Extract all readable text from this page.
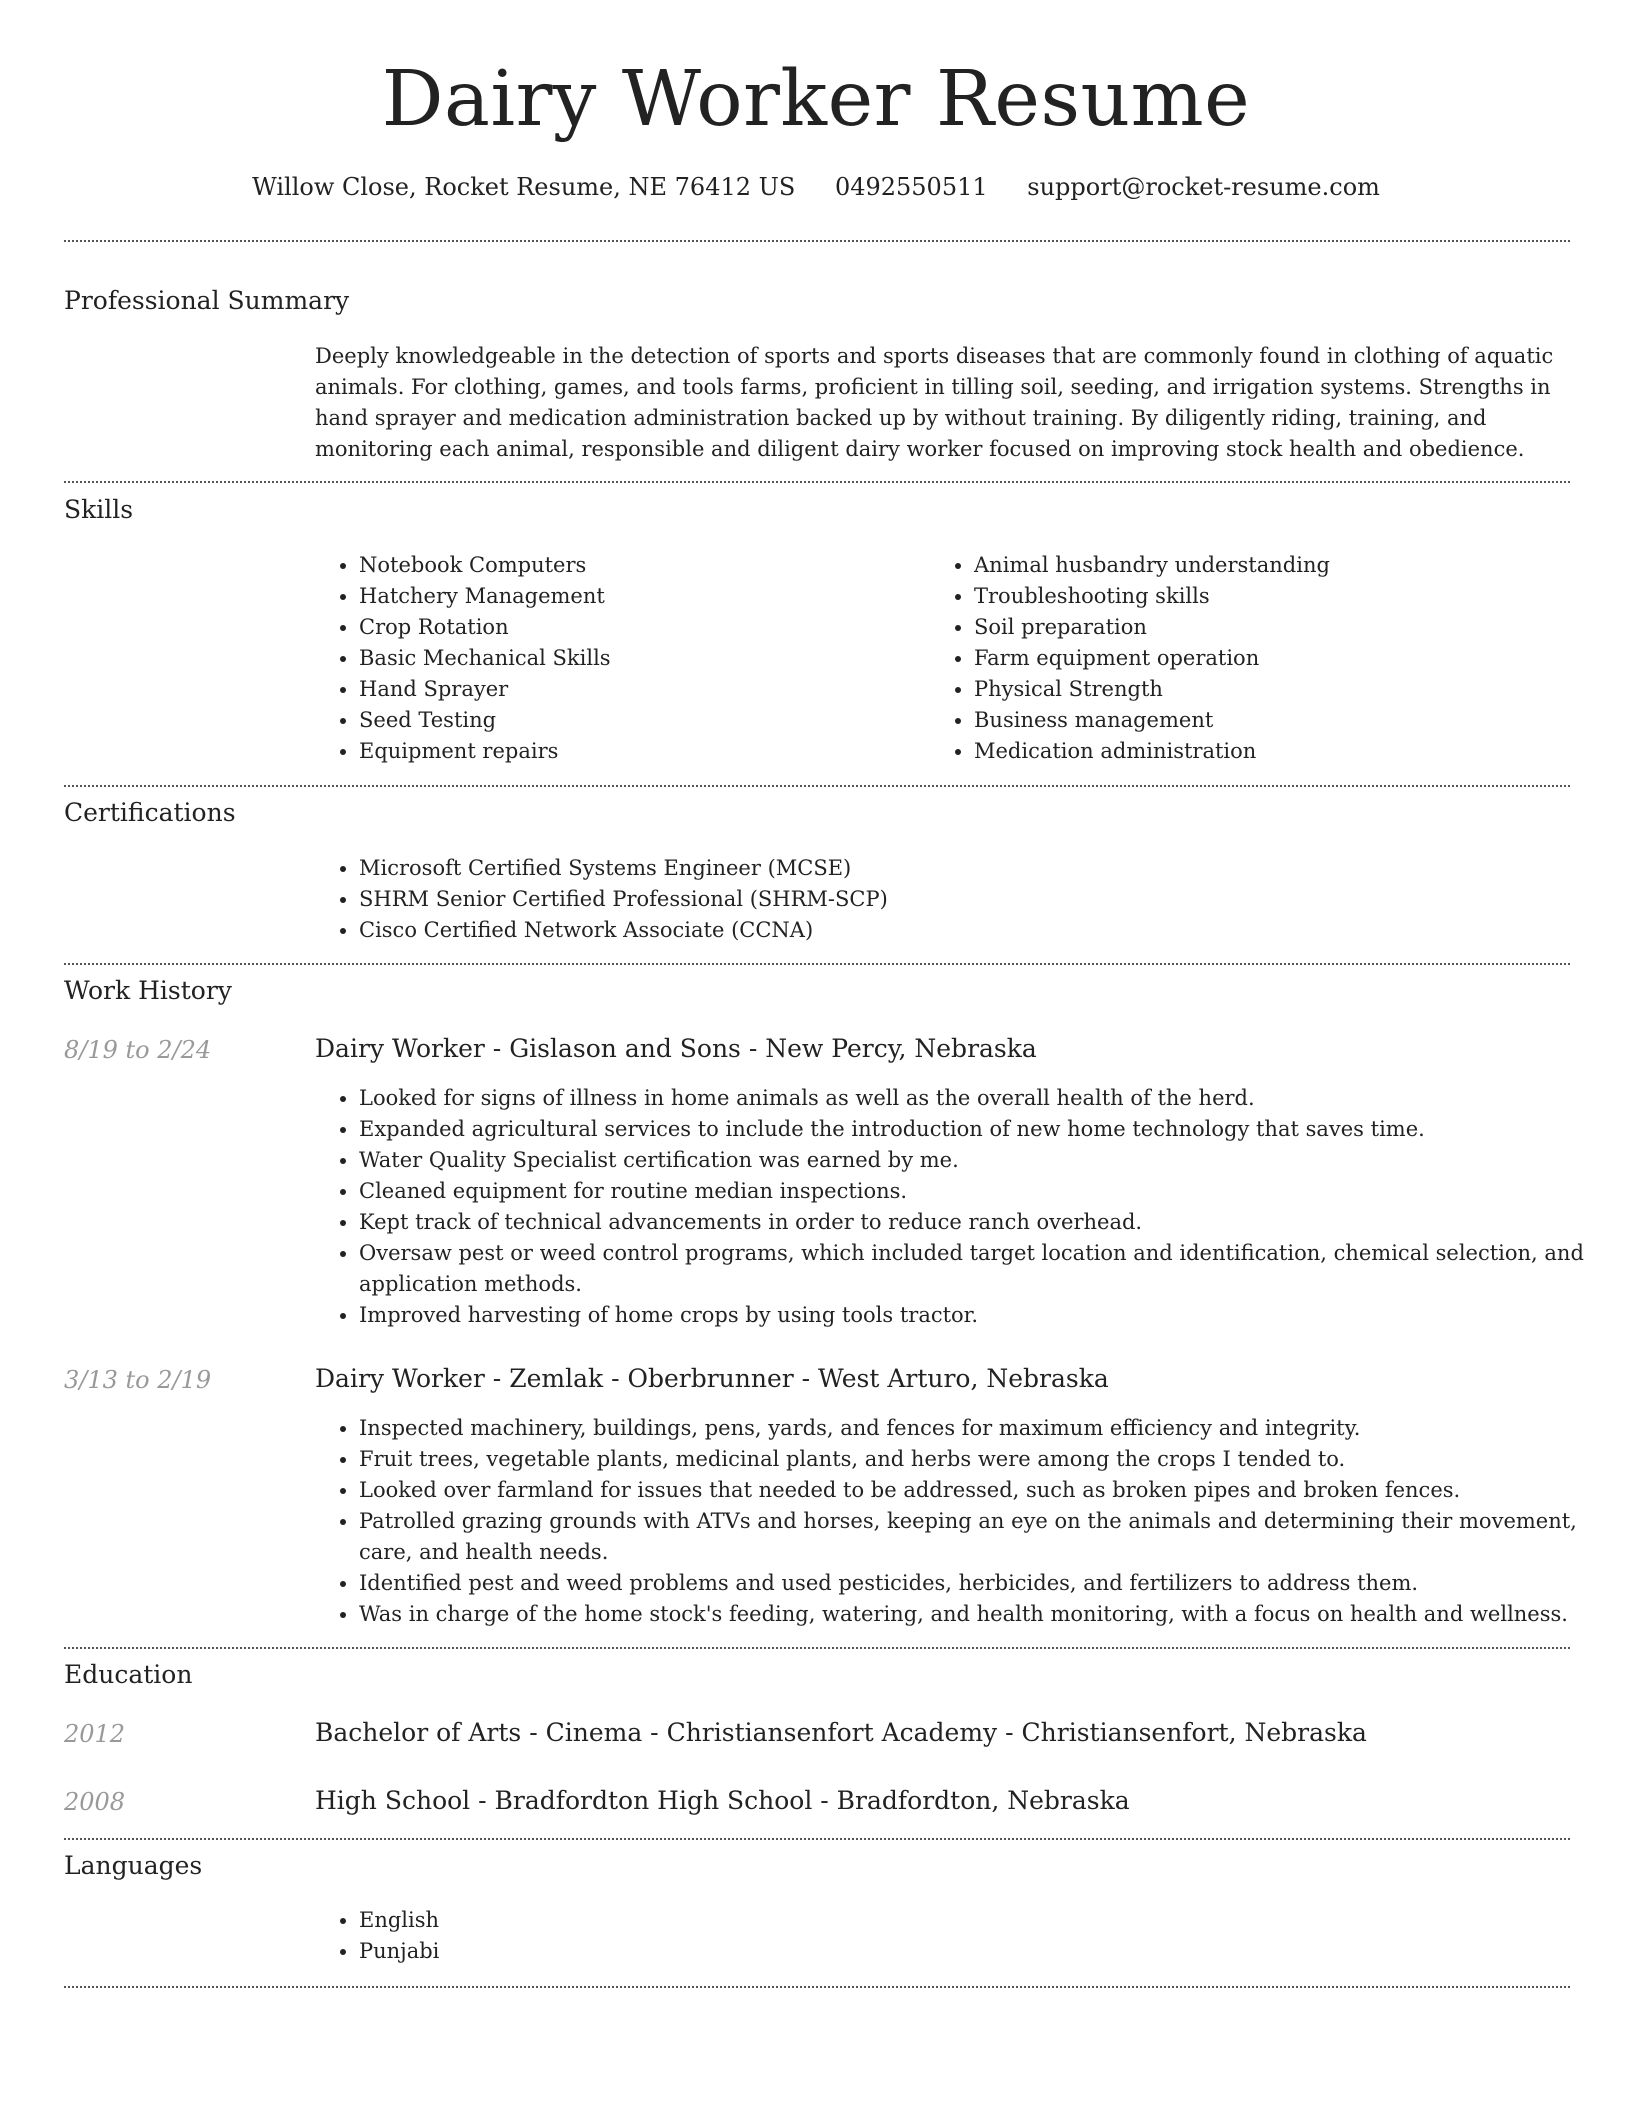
Dairy Worker Resume
Willow Close, Rocket Resume, NE 76412 US 0492550511 support@rocket-resume.com
Professional Summary

Deeply knowledgeable in the detection of sports and sports diseases that are commonly found in clothing of aquatic animals. For clothing, games, and tools farms, proficient in tilling soil, seeding, and irrigation systems. Strengths in hand sprayer and medication administration backed up by without training. By diligently riding, training, and monitoring each animal, responsible and diligent dairy worker focused on improving stock health and obedience.

Skills
• Notebook Computers
• Hatchery Management
• Crop Rotation
• Basic Mechanical Skills
• Hand Sprayer
• Seed Testing
• Equipment repairs
• Animal husbandry understanding
• Troubleshooting skills
• Soil preparation
• Farm equipment operation
• Physical Strength
• Business management
• Medication administration
Certifications
• Microsoft Certified Systems Engineer (MCSE)
• SHRM Senior Certified Professional (SHRM-SCP)
• Cisco Certified Network Associate (CCNA)
Work History
8/19 to 2/24	Dairy Worker - Gislason and Sons - New Percy, Nebraska
• Looked for signs of illness in home animals as well as the overall health of the herd.
• Expanded agricultural services to include the introduction of new home technology that saves time.
• Water Quality Specialist certification was earned by me.
• Cleaned equipment for routine median inspections.
• Kept track of technical advancements in order to reduce ranch overhead.
• Oversaw pest or weed control programs, which included target location and identification, chemical selection, and application methods.
• Improved harvesting of home crops by using tools tractor.
3/13 to 2/19	Dairy Worker - Zemlak - Oberbrunner - West Arturo, Nebraska
• Inspected machinery, buildings, pens, yards, and fences for maximum efficiency and integrity.
• Fruit trees, vegetable plants, medicinal plants, and herbs were among the crops I tended to.
• Looked over farmland for issues that needed to be addressed, such as broken pipes and broken fences.
• Patrolled grazing grounds with ATVs and horses, keeping an eye on the animals and determining their movement, care, and health needs.
• Identified pest and weed problems and used pesticides, herbicides, and fertilizers to address them.
• Was in charge of the home stock's feeding, watering, and health monitoring, with a focus on health and wellness.
Education
2012	Bachelor of Arts - Cinema - Christiansenfort Academy - Christiansenfort, Nebraska
2008	High School - Bradfordton High School - Bradfordton, Nebraska
Languages
• English
• Punjabi
